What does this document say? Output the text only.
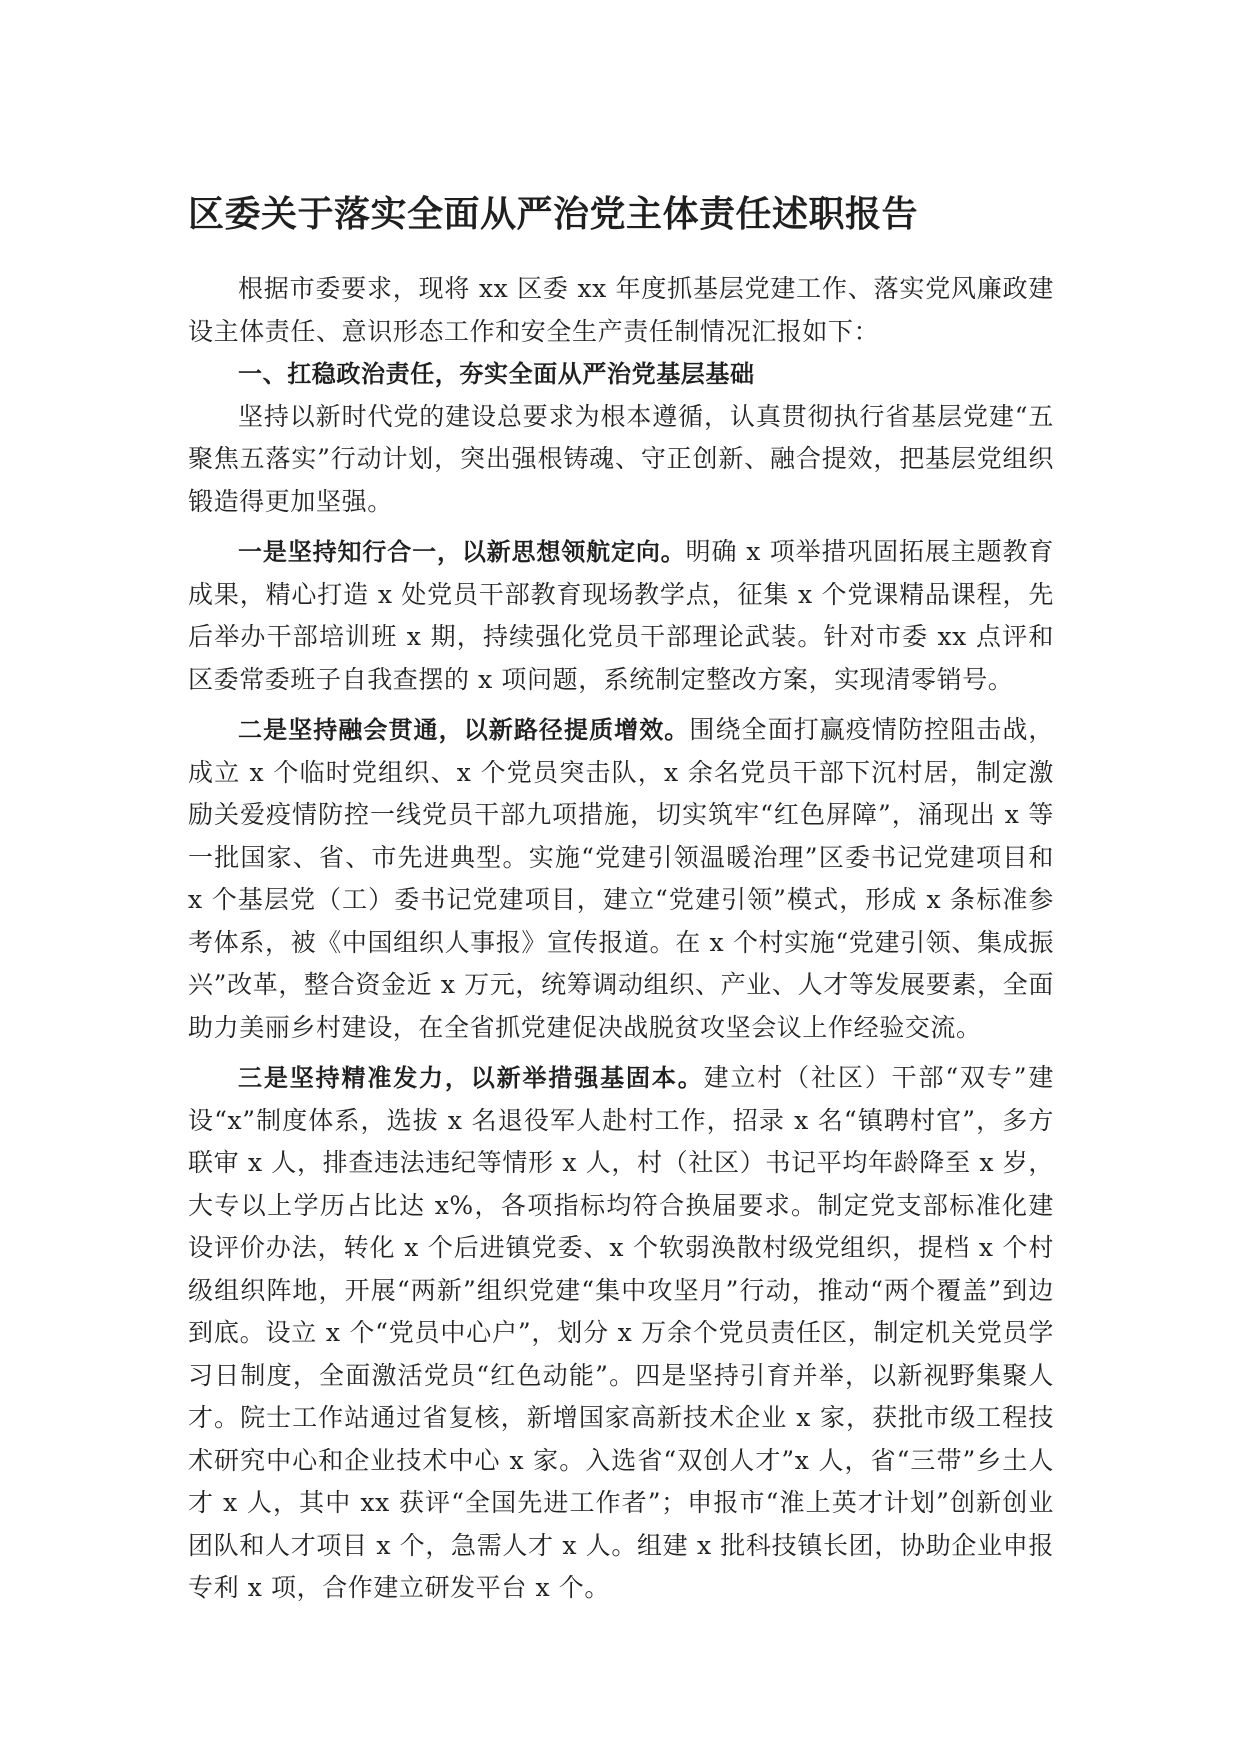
区委关于落实全面从严治党主体责任述职报告

根据市委要求，现将 xx 区委 xx 年度抓基层党建工作、落实党风廉政建设主体责任、意识形态工作和安全生产责任制情况汇报如下：

一、扛稳政治责任，夯实全面从严治党基层基础

坚持以新时代党的建设总要求为根本遵循，认真贯彻执行省基层党建“五聚焦五落实”行动计划，突出强根铸魂、守正创新、融合提效，把基层党组织锻造得更加坚强。

一是坚持知行合一，以新思想领航定向。明确 x 项举措巩固拓展主题教育成果，精心打造 x 处党员干部教育现场教学点，征集 x 个党课精品课程，先后举办干部培训班 x 期，持续强化党员干部理论武装。针对市委 xx 点评和区委常委班子自我查摆的 x 项问题，系统制定整改方案，实现清零销号。

二是坚持融会贯通，以新路径提质增效。围绕全面打赢疫情防控阻击战，成立 x 个临时党组织、x 个党员突击队，x 余名党员干部下沉村居，制定激励关爱疫情防控一线党员干部九项措施，切实筑牢“红色屏障”，涌现出 x 等一批国家、省、市先进典型。实施“党建引领温暖治理”区委书记党建项目和 x 个基层党（工）委书记党建项目，建立“党建引领”模式，形成 x 条标准参考体系，被《中国组织人事报》宣传报道。在 x 个村实施“党建引领、集成振兴”改革，整合资金近 x 万元，统筹调动组织、产业、人才等发展要素，全面助力美丽乡村建设，在全省抓党建促决战脱贫攻坚会议上作经验交流。

三是坚持精准发力，以新举措强基固本。建立村（社区）干部“双专”建设“x”制度体系，选拔 x 名退役军人赴村工作，招录 x 名“镇聘村官”，多方联审 x 人，排查违法违纪等情形 x 人，村（社区）书记平均年龄降至 x 岁，大专以上学历占比达 x%，各项指标均符合换届要求。制定党支部标准化建设评价办法，转化 x 个后进镇党委、x 个软弱涣散村级党组织，提档 x 个村级组织阵地，开展“两新”组织党建“集中攻坚月”行动，推动“两个覆盖”到边到底。设立 x 个“党员中心户”，划分 x 万余个党员责任区，制定机关党员学习日制度，全面激活党员“红色动能”。四是坚持引育并举，以新视野集聚人才。院士工作站通过省复核，新增国家高新技术企业 x 家，获批市级工程技术研究中心和企业技术中心 x 家。入选省“双创人才”x 人，省“三带”乡土人才 x 人，其中 xx 获评“全国先进工作者”；申报市“淮上英才计划”创新创业团队和人才项目 x 个，急需人才 x 人。组建 x 批科技镇长团，协助企业申报专利 x 项，合作建立研发平台 x 个。
